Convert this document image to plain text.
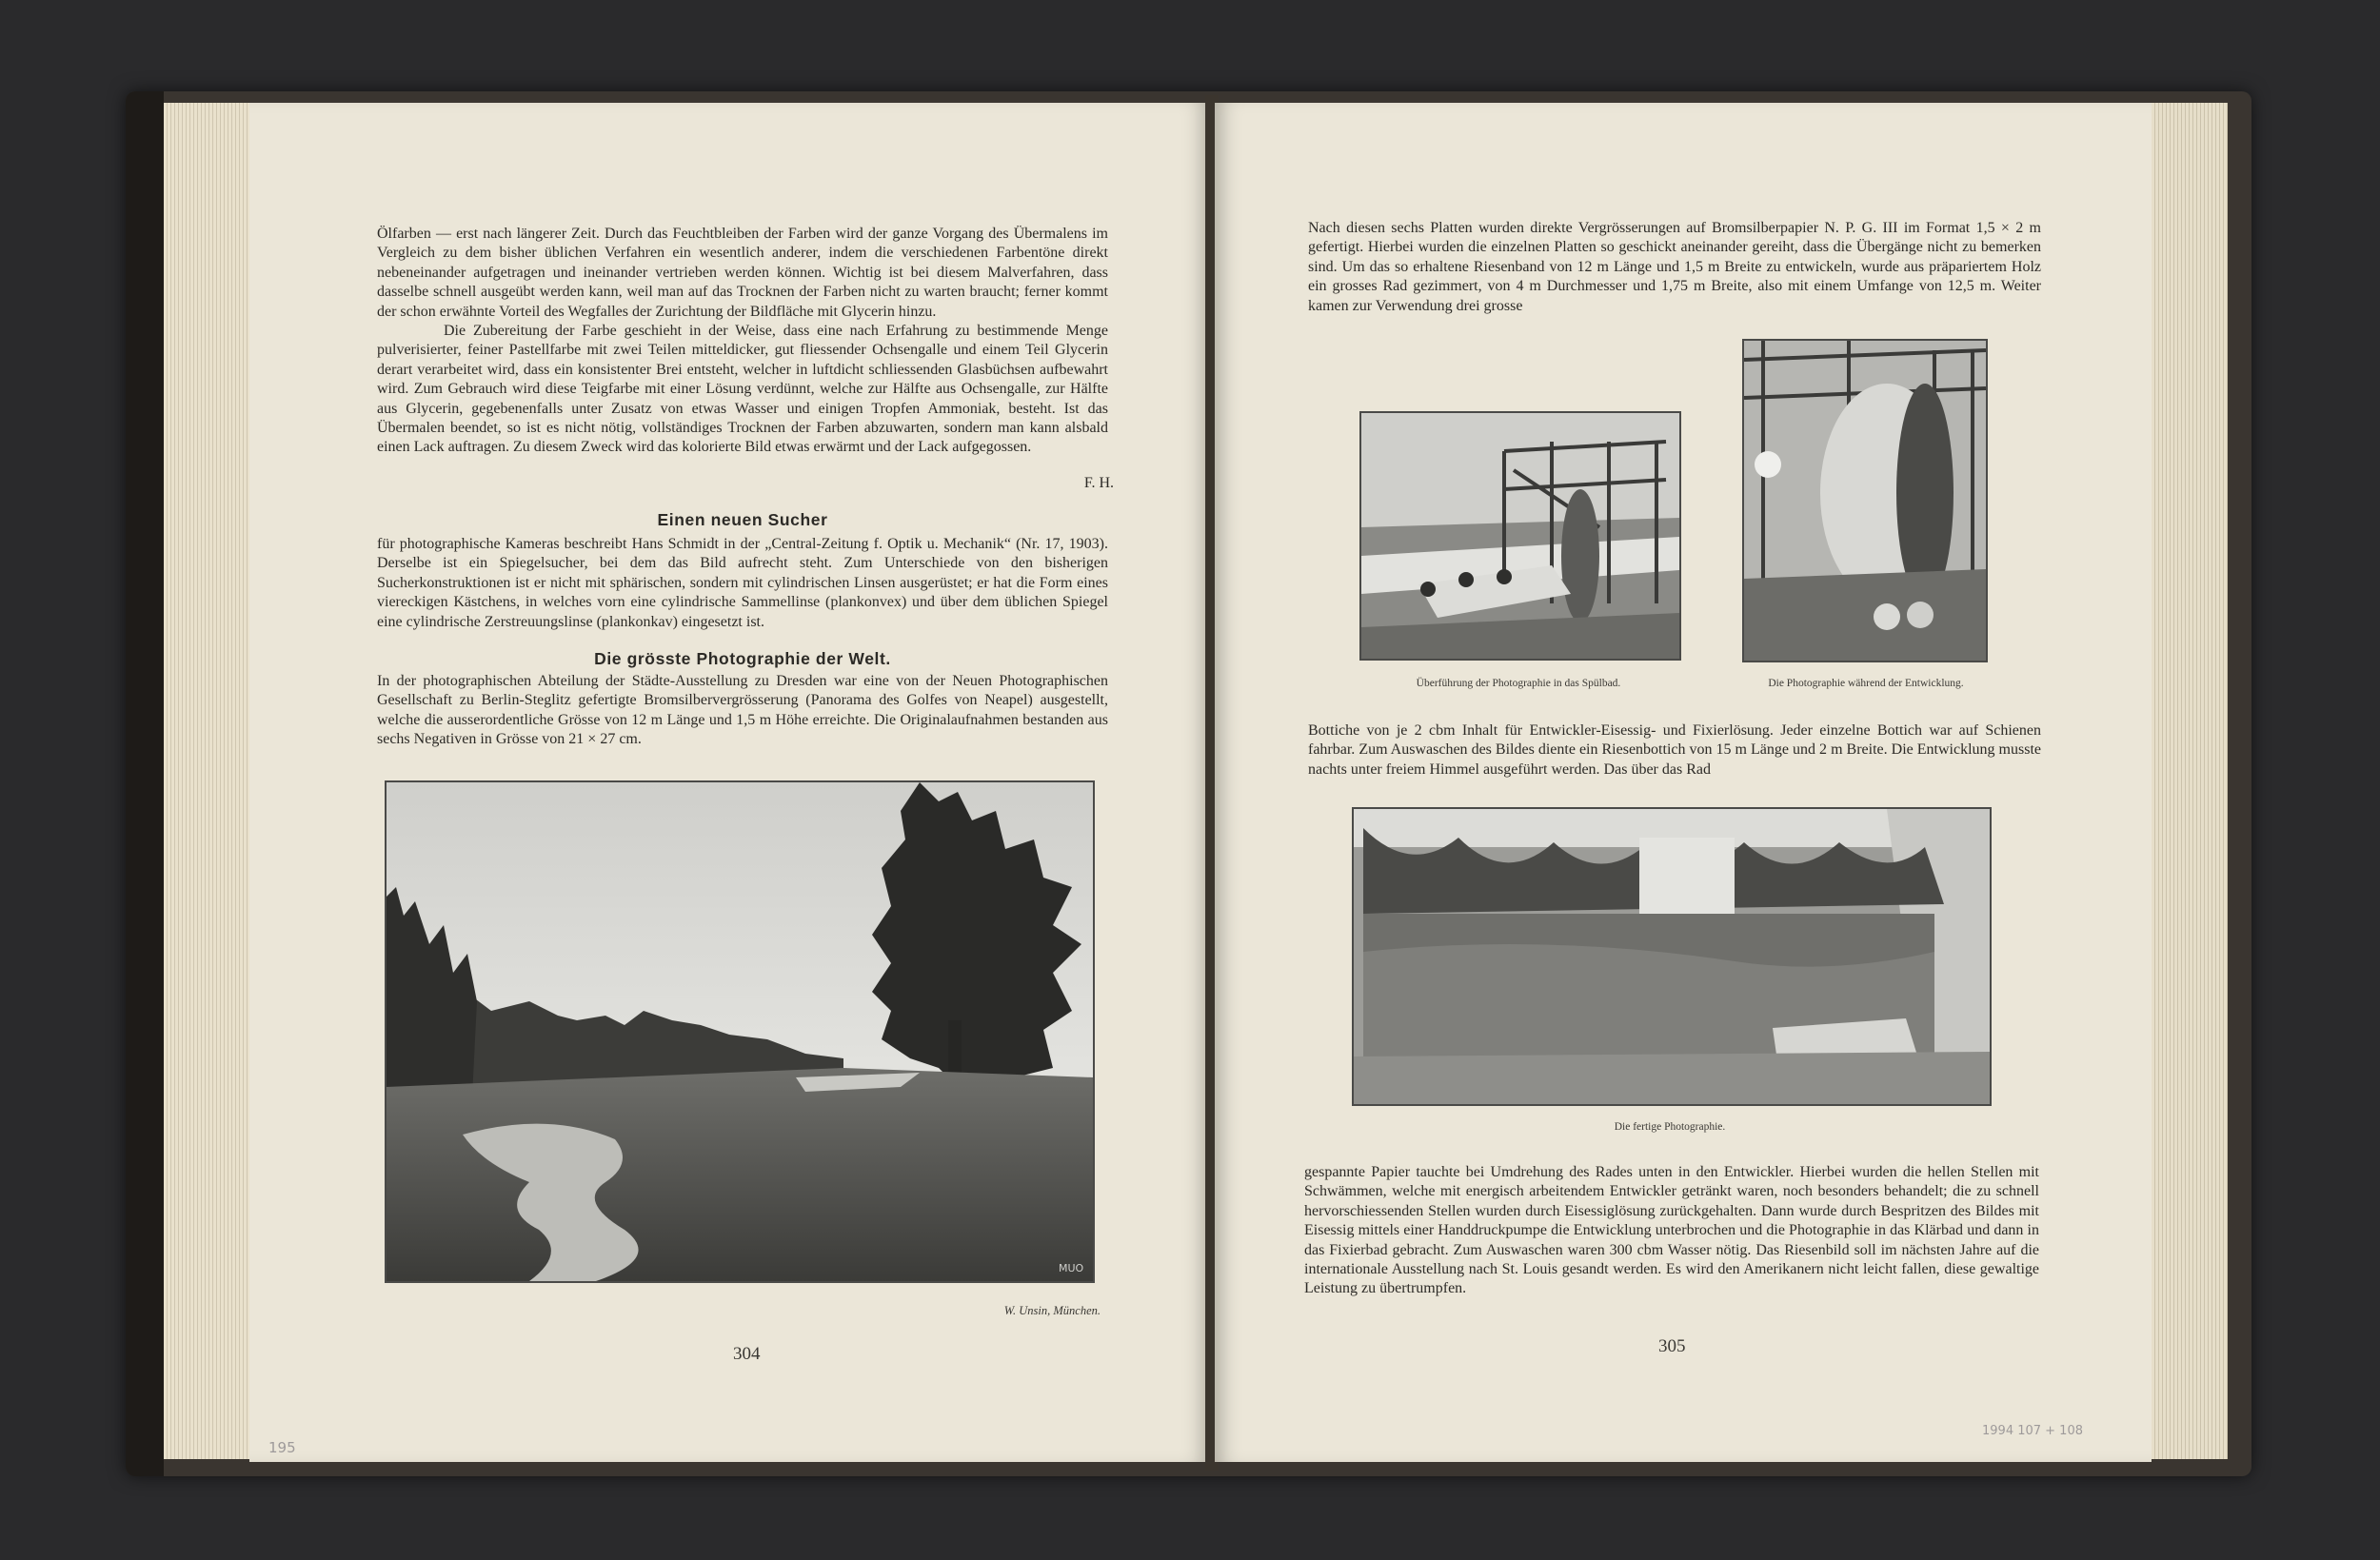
Ölfarben — erst nach längerer Zeit. Durch das Feuchtbleiben der Farben wird der ganze Vorgang des Übermalens im Vergleich zu dem bisher üblichen Verfahren ein wesentlich anderer, indem die verschiedenen Farbentöne direkt nebeneinander aufgetragen und ineinander vertrieben werden können. Wichtig ist bei diesem Malverfahren, dass dasselbe schnell ausgeübt werden kann, weil man auf das Trocknen der Farben nicht zu warten braucht; ferner kommt der schon erwähnte Vorteil des Wegfalles der Zurichtung der Bildfläche mit Glycerin hinzu.

Die Zubereitung der Farbe geschieht in der Weise, dass eine nach Erfahrung zu bestimmende Menge pulverisierter, feiner Pastellfarbe mit zwei Teilen mitteldicker, gut fliessender Ochsengalle und einem Teil Glycerin derart verarbeitet wird, dass ein konsistenter Brei entsteht, welcher in luftdicht schliessenden Glasbüchsen aufbewahrt wird. Zum Gebrauch wird diese Teigfarbe mit einer Lösung verdünnt, welche zur Hälfte aus Ochsengalle, zur Hälfte aus Glycerin, gegebenenfalls unter Zusatz von etwas Wasser und einigen Tropfen Ammoniak, besteht. Ist das Übermalen beendet, so ist es nicht nötig, vollständiges Trocknen der Farben abzuwarten, sondern man kann alsbald einen Lack auftragen. Zu diesem Zweck wird das kolorierte Bild etwas erwärmt und der Lack aufgegossen.

F. H.
Einen neuen Sucher
für photographische Kameras beschreibt Hans Schmidt in der „Central-Zeitung f. Optik u. Mechanik“ (Nr. 17, 1903). Derselbe ist ein Spiegelsucher, bei dem das Bild aufrecht steht. Zum Unterschiede von den bisherigen Sucherkonstruktionen ist er nicht mit sphärischen, sondern mit cylindrischen Linsen ausgerüstet; er hat die Form eines viereckigen Kästchens, in welches vorn eine cylindrische Sammellinse (plankonvex) und über dem üblichen Spiegel eine cylindrische Zerstreuungslinse (plankonkav) eingesetzt ist.
Die grösste Photographie der Welt.
In der photographischen Abteilung der Städte-Ausstellung zu Dresden war eine von der Neuen Photographischen Gesellschaft zu Berlin-Steglitz gefertigte Bromsilbervergrösserung (Panorama des Golfes von Neapel) ausgestellt, welche die ausserordentliche Grösse von 12 m Länge und 1,5 m Höhe erreichte. Die Originalaufnahmen bestanden aus sechs Negativen in Grösse von 21 × 27 cm.
MUO
W. Unsin, München.
304
195
Nach diesen sechs Platten wurden direkte Vergrösserungen auf Bromsilberpapier N. P. G. III im Format 1,5 × 2 m gefertigt. Hierbei wurden die einzelnen Platten so geschickt aneinander gereiht, dass die Übergänge nicht zu bemerken sind. Um das so erhaltene Riesenband von 12 m Länge und 1,5 m Breite zu entwickeln, wurde aus präpariertem Holz ein grosses Rad gezimmert, von 4 m Durchmesser und 1,75 m Breite, also mit einem Umfange von 12,5 m. Weiter kamen zur Verwendung drei grosse
Überführung der Photographie in das Spülbad.	Die Photographie während der Entwicklung.
Bottiche von je 2 cbm Inhalt für Entwickler-Eisessig- und Fixierlösung. Jeder einzelne Bottich war auf Schienen fahrbar. Zum Auswaschen des Bildes diente ein Riesenbottich von 15 m Länge und 2 m Breite. Die Entwicklung musste nachts unter freiem Himmel ausgeführt werden. Das über das Rad
Die fertige Photographie.
gespannte Papier tauchte bei Umdrehung des Rades unten in den Entwickler. Hierbei wurden die hellen Stellen mit Schwämmen, welche mit energisch arbeitendem Entwickler getränkt waren, noch besonders behandelt; die zu schnell hervorschiessenden Stellen wurden durch Eisessiglösung zurückgehalten. Dann wurde durch Bespritzen des Bildes mit Eisessig mittels einer Handdruckpumpe die Entwicklung unterbrochen und die Photographie in das Klärbad und dann in das Fixierbad gebracht. Zum Auswaschen waren 300 cbm Wasser nötig. Das Riesenbild soll im nächsten Jahre auf die internationale Ausstellung nach St. Louis gesandt werden. Es wird den Amerikanern nicht leicht fallen, diese gewaltige Leistung zu übertrumpfen.
305
1994 107 + 108
